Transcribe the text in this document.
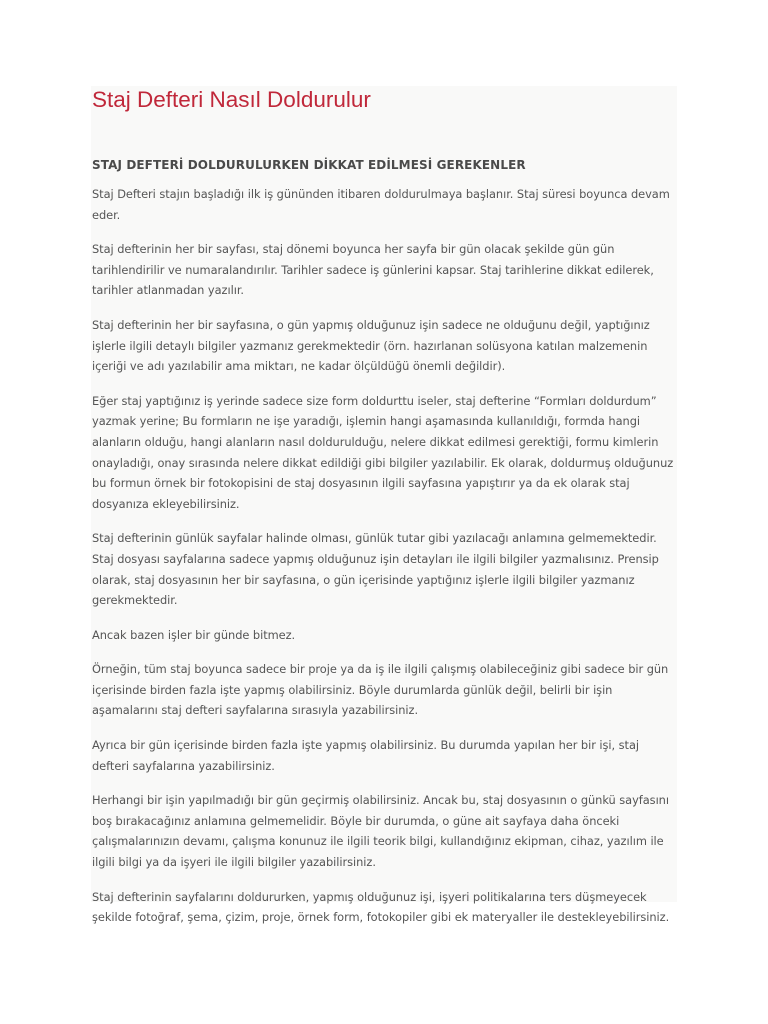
Staj Defteri Nasıl Doldurulur
STAJ DEFTERİ DOLDURULURKEN DİKKAT EDİLMESİ GEREKENLER

Staj Defteri stajın başladığı ilk iş gününden itibaren doldurulmaya başlanır. Staj süresi boyunca devam eder.

Staj defterinin her bir sayfası, staj dönemi boyunca her sayfa bir gün olacak şekilde gün gün tarihlendirilir ve numaralandırılır. Tarihler sadece iş günlerini kapsar. Staj tarihlerine dikkat edilerek, tarihler atlanmadan yazılır.

Staj defterinin her bir sayfasına, o gün yapmış olduğunuz işin sadece ne olduğunu değil, yaptığınız işlerle ilgili detaylı bilgiler yazmanız gerekmektedir (örn. hazırlanan solüsyona katılan malzemenin içeriği ve adı yazılabilir ama miktarı, ne kadar ölçüldüğü önemli değildir).

Eğer staj yaptığınız iş yerinde sadece size form doldurttu iseler, staj defterine “Formları doldurdum” yazmak yerine; Bu formların ne işe yaradığı, işlemin hangi aşamasında kullanıldığı, formda hangi alanların olduğu, hangi alanların nasıl doldurulduğu, nelere dikkat edilmesi gerektiği, formu kimlerin onayladığı, onay sırasında nelere dikkat edildiği gibi bilgiler yazılabilir. Ek olarak, doldurmuş olduğunuz bu formun örnek bir fotokopisini de staj dosyasının ilgili sayfasına yapıştırır ya da ek olarak staj dosyanıza ekleyebilirsiniz.

Staj defterinin günlük sayfalar halinde olması, günlük tutar gibi yazılacağı anlamına gelmemektedir. Staj dosyası sayfalarına sadece yapmış olduğunuz işin detayları ile ilgili bilgiler yazmalısınız. Prensip olarak, staj dosyasının her bir sayfasına, o gün içerisinde yaptığınız işlerle ilgili bilgiler yazmanız gerekmektedir.

Ancak bazen işler bir günde bitmez.

Örneğin, tüm staj boyunca sadece bir proje ya da iş ile ilgili çalışmış olabileceğiniz gibi sadece bir gün içerisinde birden fazla işte yapmış olabilirsiniz. Böyle durumlarda günlük değil, belirli bir işin aşamalarını staj defteri sayfalarına sırasıyla yazabilirsiniz.

Ayrıca bir gün içerisinde birden fazla işte yapmış olabilirsiniz. Bu durumda yapılan her bir işi, staj defteri sayfalarına yazabilirsiniz.

Herhangi bir işin yapılmadığı bir gün geçirmiş olabilirsiniz. Ancak bu, staj dosyasının o günkü sayfasını boş bırakacağınız anlamına gelmemelidir. Böyle bir durumda, o güne ait sayfaya daha önceki çalışmalarınızın devamı, çalışma konunuz ile ilgili teorik bilgi, kullandığınız ekipman, cihaz, yazılım ile ilgili bilgi ya da işyeri ile ilgili bilgiler yazabilirsiniz.

Staj defterinin sayfalarını doldururken, yapmış olduğunuz işi, işyeri politikalarına ters düşmeyecek şekilde fotoğraf, şema, çizim, proje, örnek form, fotokopiler gibi ek materyaller ile destekleyebilirsiniz.
